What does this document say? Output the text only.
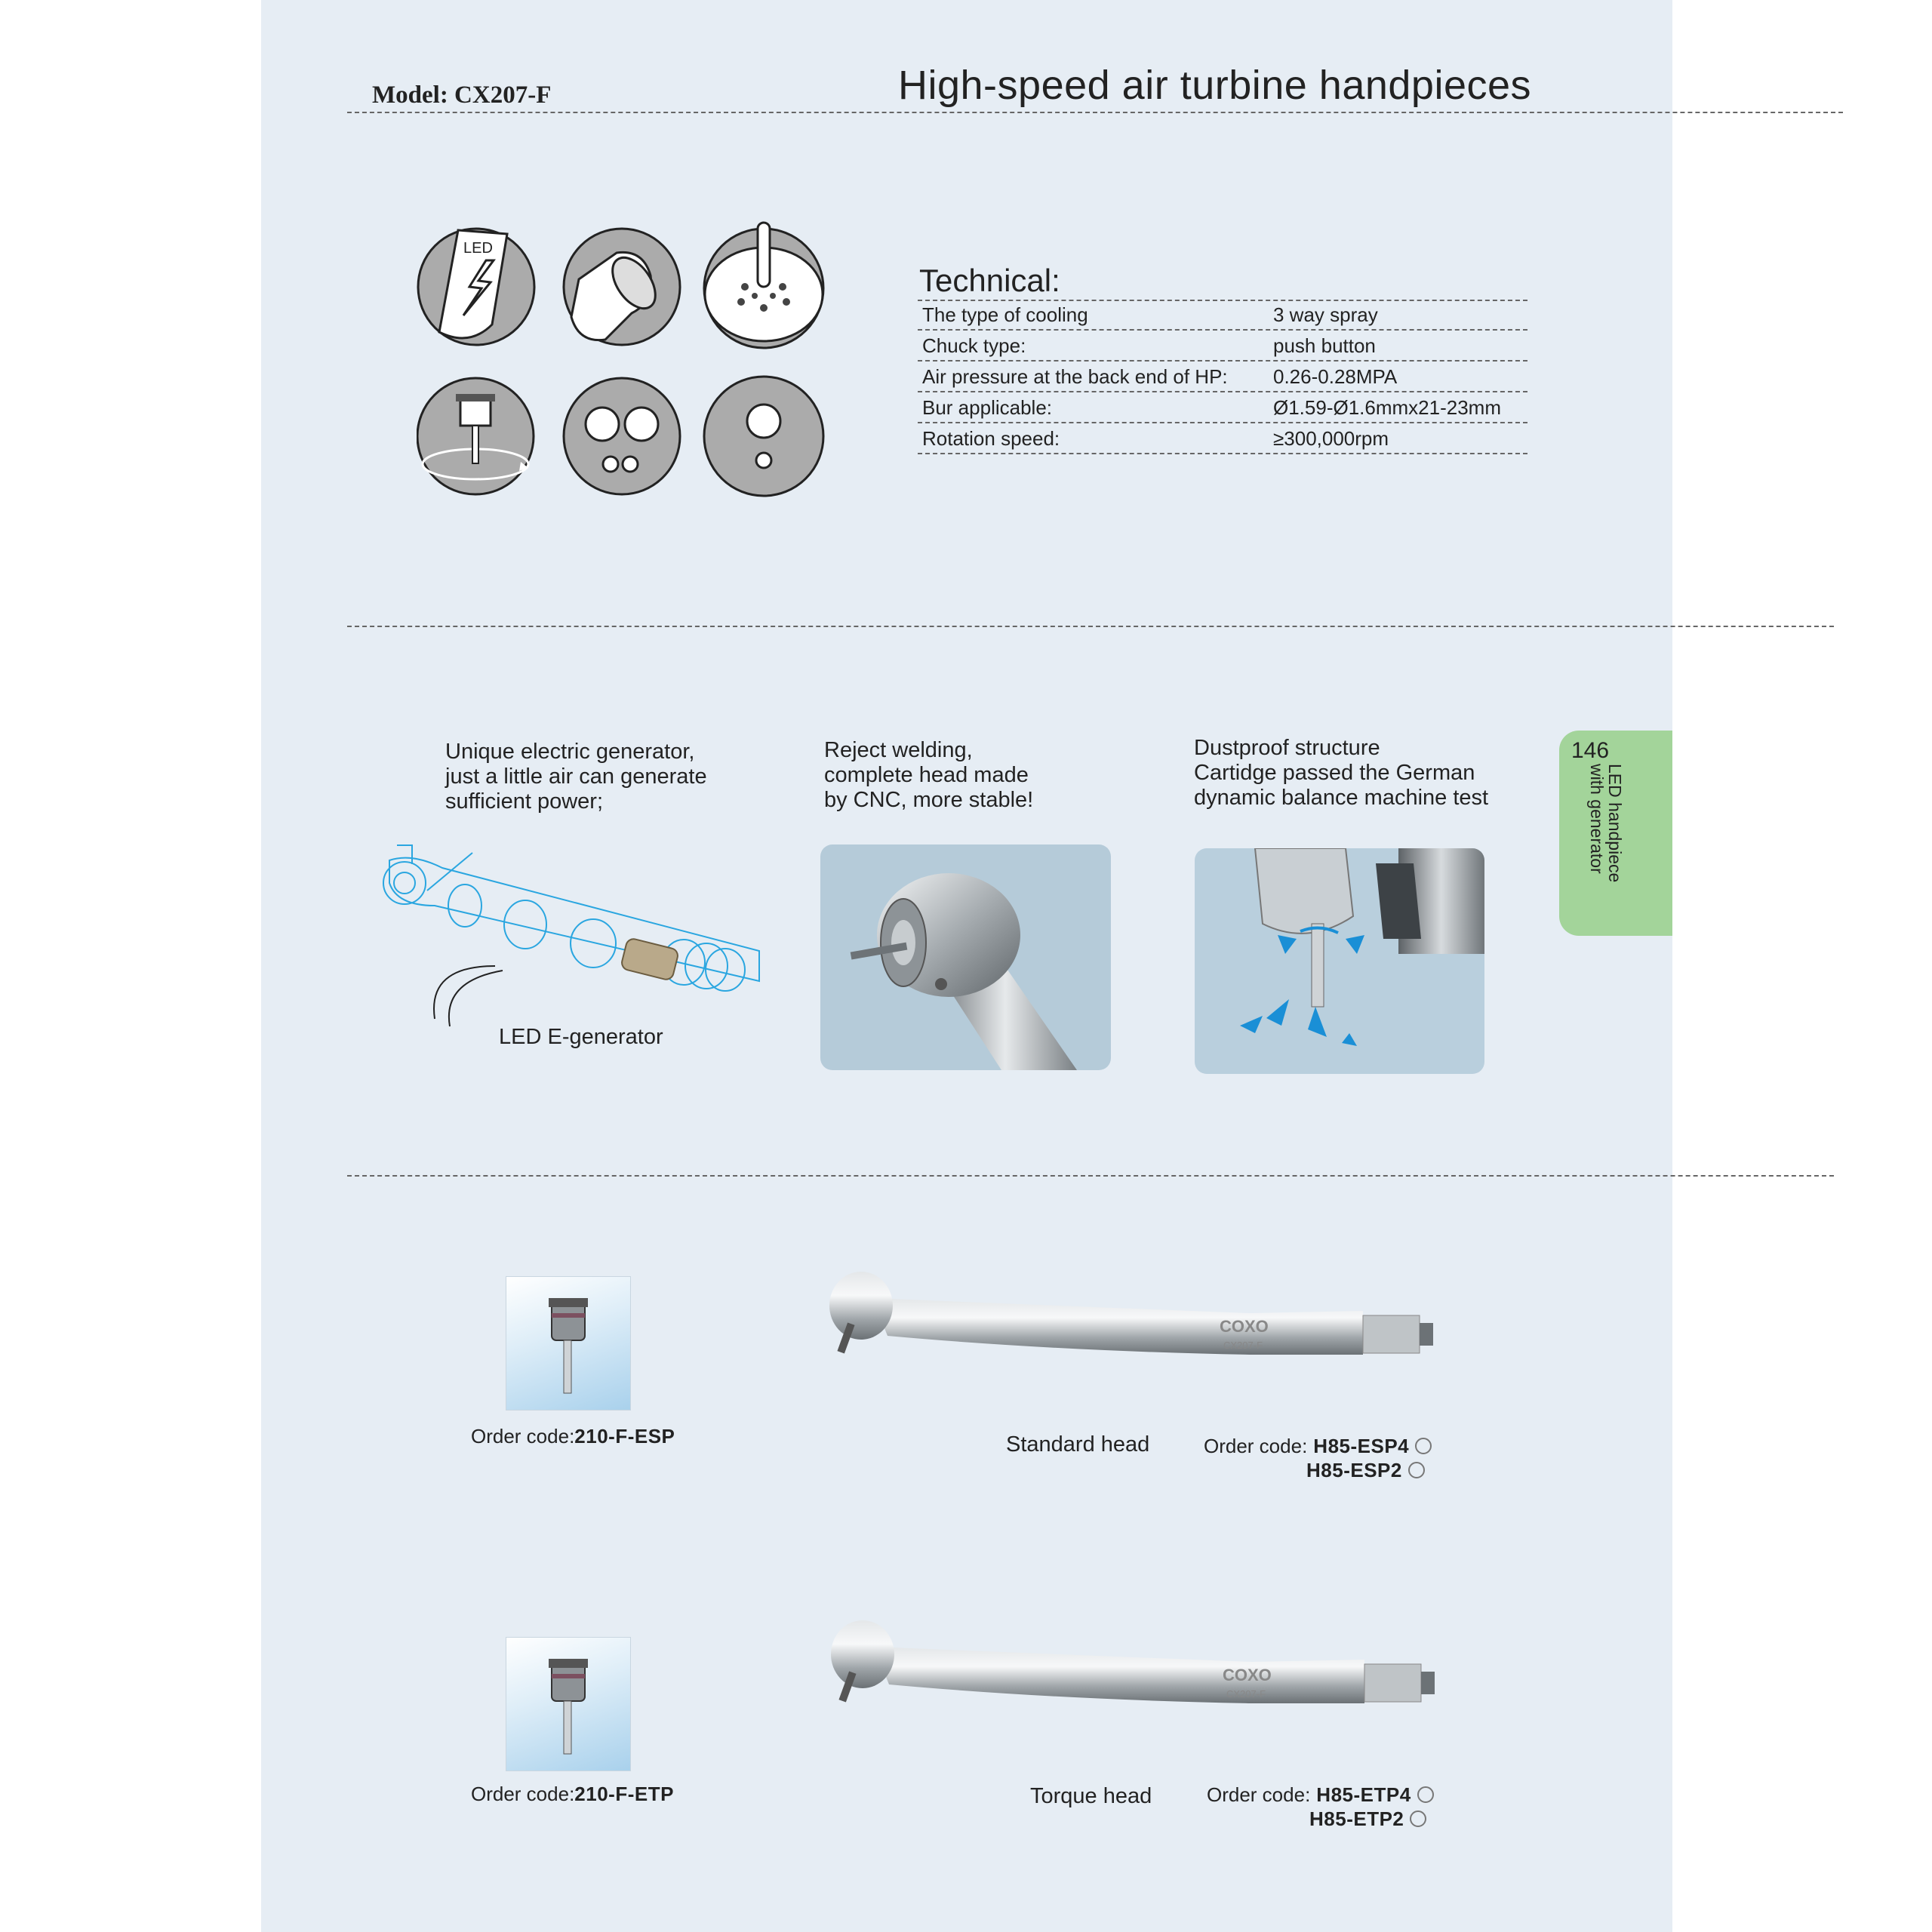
Model: CX207-F	High-speed air turbine handpieces
LED
Technical:
The type of cooling	3 way spray
Chuck type:	push button
Air pressure at the back end of HP:	0.26-0.28MPA
Bur applicable:	Ø1.59-Ø1.6mmx21-23mm
Rotation speed:	≥300,000rpm
Unique electric generator,
just a little air can generate
sufficient power;
Reject welding,
complete head made
by CNC, more stable!
Dustproof structure
Cartidge passed the German
dynamic balance machine test
LED E-generator
146
LED handpiece
with generator
Order code:210-F-ESP
COXO
CX207-F
Standard head	Order code: H85-ESP4
H85-ESP2
Order code:210-F-ETP
COXO
CX207-F
Torque head	Order code: H85-ETP4
H85-ETP2
